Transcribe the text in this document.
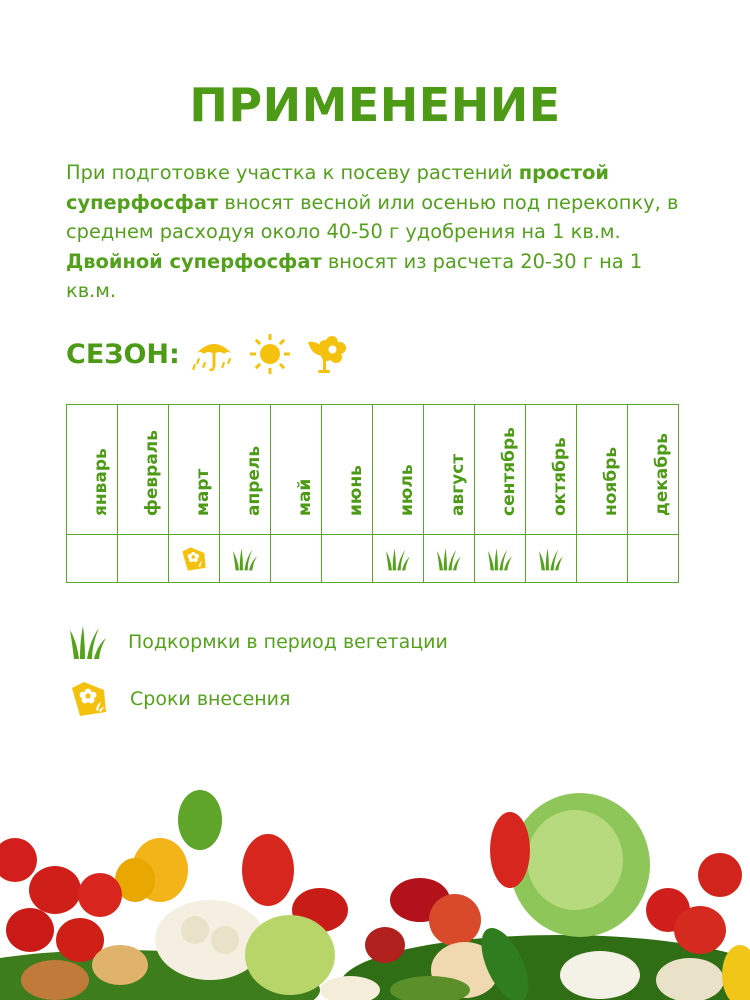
ПРИМЕНЕНИЕ
При подготовке участка к посеву растений простой суперфосфат вносят весной или осенью под перекопку, в среднем расходуя около 40-50 г удобрения на 1 кв.м. Двойной суперфосфат вносят из расчета 20-30 г на 1 кв.м.
СЕЗОН:
январь февраль март апрель май июнь июль август сентябрь октябрь ноябрь декабрь
Подкормки в период вегетации
Сроки внесения
